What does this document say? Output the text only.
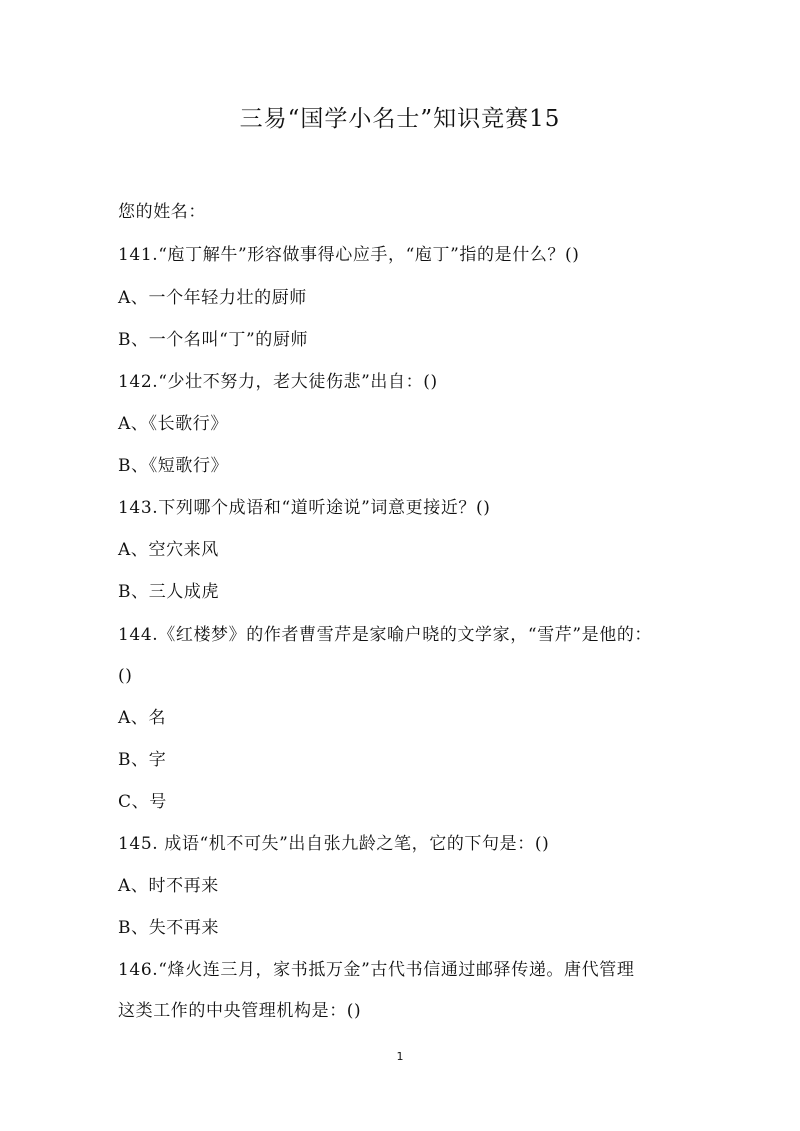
三易“国学小名士”知识竞赛15
您的姓名：
141.“庖丁解牛”形容做事得心应手，“庖丁”指的是什么？()
A、一个年轻力壮的厨师
B、一个名叫“丁”的厨师
142.“少壮不努力，老大徒伤悲”出自：()
A、《长歌行》
B、《短歌行》
143.下列哪个成语和“道听途说”词意更接近？()
A、空穴来风
B、三人成虎
144.《红楼梦》的作者曹雪芹是家喻户晓的文学家，“雪芹”是他的：
()
A、名
B、字
C、号
145. 成语“机不可失”出自张九龄之笔，它的下句是：()
A、时不再来
B、失不再来
146.“烽火连三月，家书抵万金”古代书信通过邮驿传递。唐代管理
这类工作的中央管理机构是：()
1
